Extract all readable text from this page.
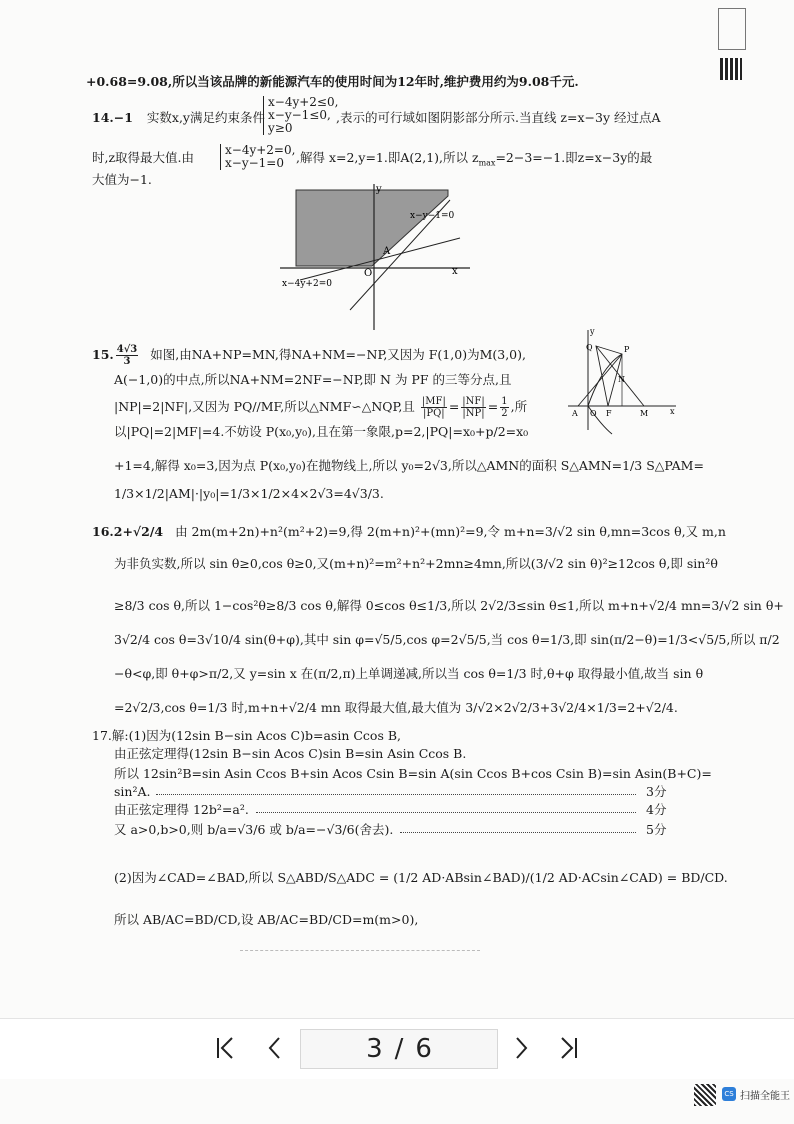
+0.68=9.08,所以当该品牌的新能源汽车的使用时间为12年时,维护费用约为9.08千元.
14.−1 实数x,y满足约束条件
x−4y+2≤0,
x−y−1≤0,
y≥0
,表示的可行域如图阴影部分所示.当直线 z=x−3y 经过点A
时,z取得最大值.由	x−4y+2=0,
x−y−1=0 ,解得 x=2,y=1.即A(2,1),所以 $z_{max}=2-3=-1$.即z=x−3y的最
大值为−1.
y
x
O
A
x−y−1=0
x−4y+2=0
15. $\frac{4√3}{3}$ 如图,由NA+NP=MN,得NA+NM=−NP,又因为 F(1,0)为M(3,0),
A(−1,0)的中点,所以NA+NM=2NF=−NP,即 N 为 PF 的三等分点,且
|NP|=2|NF|,又因为 PQ//MF,所以△NMF∽△NQP,且 $\frac{|MF|}{|PQ|} = \frac{|NF|}{|NP|} = \frac{1}{2}$ ,所
以|PQ|=2|MF|=4.不妨设 P(x₀,y₀),且在第一象限,p=2,|PQ|=x₀+p/2=x₀
+1=4,解得 x₀=3,因为点 P(x₀,y₀)在抛物线上,所以 y₀=2√3,所以△AMN的面积 S△AMN=1/3 S△PAM=
1/3×1/2|AM|·|y₀|=1/3×1/2×4×2√3=4√3/3.
y
x
Q	P
N
A O F	M
16.2+√2/4 由 2m(m+2n)+n²(m²+2)=9,得 2(m+n)²+(mn)²=9,令 m+n=3/√2 sin θ,mn=3cos θ,又 m,n
为非负实数,所以 sin θ≥0,cos θ≥0,又(m+n)²=m²+n²+2mn≥4mn,所以(3/√2 sin θ)²≥12cos θ,即 sin²θ
≥8/3 cos θ,所以 1−cos²θ≥8/3 cos θ,解得 0≤cos θ≤1/3,所以 2√2/3≤sin θ≤1,所以 m+n+√2/4 mn=3/√2 sin θ+
3√2/4 cos θ=3√10/4 sin(θ+φ),其中 sin φ=√5/5,cos φ=2√5/5,当 cos θ=1/3,即 sin(π/2−θ)=1/3<√5/5,所以 π/2
−θ<φ,即 θ+φ>π/2,又 y=sin x 在(π/2,π)上单调递减,所以当 cos θ=1/3 时,θ+φ 取得最小值,故当 sin θ
=2√2/3,cos θ=1/3 时,m+n+√2/4 mn 取得最大值,最大值为 3/√2×2√2/3+3√2/4×1/3=2+√2/4.
17.解:(1)因为(12sin B−sin Acos C)b=asin Ccos B,
由正弦定理得(12sin B−sin Acos C)sin B=sin Asin Ccos B.
所以 12sin²B=sin Asin Ccos B+sin Acos Csin B=sin A(sin Ccos B+cos Csin B)=sin Asin(B+C)=
sin²A.	3分
由正弦定理得 12b²=a².	4分
又 a>0,b>0,则 b/a=√3/6 或 b/a=−√3/6(舍去).	5分
(2)因为∠CAD=∠BAD,所以 S△ABD/S△ADC = (1/2 AD·ABsin∠BAD)/(1/2 AD·ACsin∠CAD) = BD/CD.
所以 AB/AC=BD/CD,设 AB/AC=BD/CD=m(m>0),
3 / 6
CS 扫描全能王
